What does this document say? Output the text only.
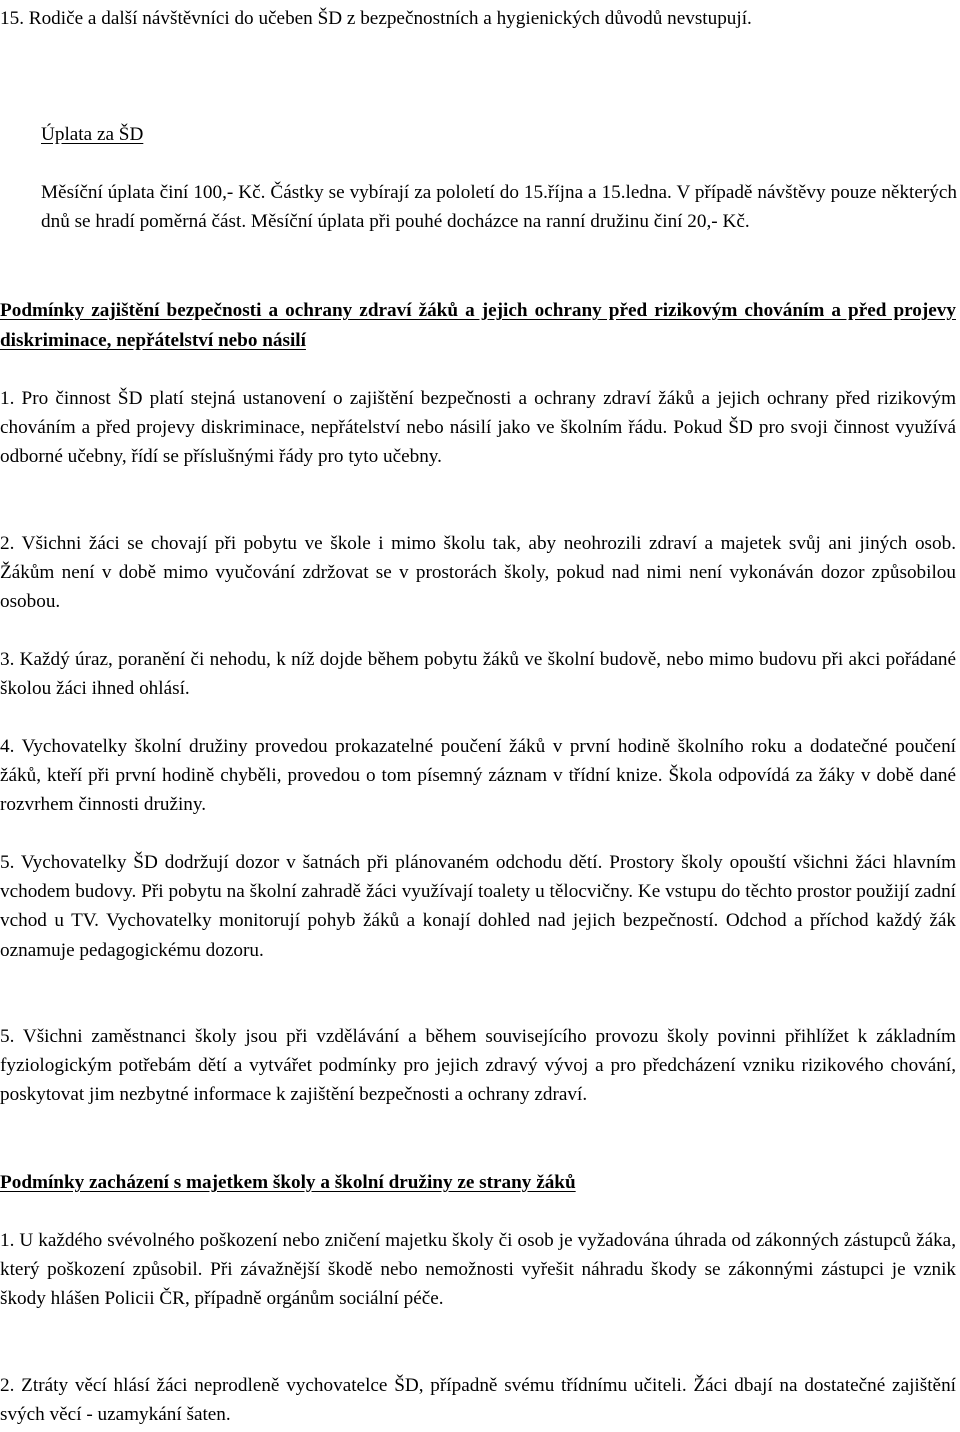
15. Rodiče a další návštěvníci do učeben ŠD z bezpečnostních a hygienických důvodů nevstupují.

Úplata za ŠD

Měsíční úplata činí 100,- Kč. Částky se vybírají za pololetí do 15.října a 15.ledna. V případě návštěvy pouze některých dnů se hradí poměrná část. Měsíční úplata při pouhé docházce na ranní družinu činí 20,- Kč.

Podmínky zajištění bezpečnosti a ochrany zdraví žáků a jejich ochrany před rizikovým chováním a před projevy diskriminace, nepřátelství nebo násilí

1. Pro činnost ŠD platí stejná ustanovení o zajištění bezpečnosti a ochrany zdraví žáků a jejich ochrany před rizikovým chováním a před projevy diskriminace, nepřátelství nebo násilí jako ve školním řádu. Pokud ŠD pro svoji činnost využívá odborné učebny, řídí se příslušnými řády pro tyto učebny.

2. Všichni žáci se chovají při pobytu ve škole i mimo školu tak, aby neohrozili zdraví a majetek svůj ani jiných osob. Žákům není v době mimo vyučování zdržovat se v prostorách školy, pokud nad nimi není vykonáván dozor způsobilou osobou.

3. Každý úraz, poranění či nehodu, k níž dojde během pobytu žáků ve školní budově, nebo mimo budovu při akci pořádané školou žáci ihned ohlásí.

4. Vychovatelky školní družiny provedou prokazatelné poučení žáků v první hodině školního roku a dodatečné poučení žáků, kteří při první hodině chyběli, provedou o tom písemný záznam v třídní knize. Škola odpovídá za žáky v době dané rozvrhem činnosti družiny.

5. Vychovatelky ŠD dodržují dozor v šatnách při plánovaném odchodu dětí. Prostory školy opouští všichni žáci hlavním vchodem budovy. Při pobytu na školní zahradě žáci využívají toalety u tělocvičny. Ke vstupu do těchto prostor použijí zadní vchod u TV. Vychovatelky monitorují pohyb žáků a konají dohled nad jejich bezpečností. Odchod a příchod každý žák oznamuje pedagogickému dozoru.

5. Všichni zaměstnanci školy jsou při vzdělávání a během souvisejícího provozu školy povinni přihlížet k základním fyziologickým potřebám dětí a vytvářet podmínky pro jejich zdravý vývoj a pro předcházení vzniku rizikového chování, poskytovat jim nezbytné informace k zajištění bezpečnosti a ochrany zdraví.

Podmínky zacházení s majetkem školy a školní družiny ze strany žáků

1. U každého svévolného poškození nebo zničení majetku školy či osob je vyžadována úhrada od zákonných zástupců žáka, který poškození způsobil. Při závažnější škodě nebo nemožnosti vyřešit náhradu škody se zákonnými zástupci je vznik škody hlášen Policii ČR, případně orgánům sociální péče.

2. Ztráty věcí hlásí žáci neprodleně vychovatelce ŠD, případně svému třídnímu učiteli. Žáci dbají na dostatečné zajištění svých věcí - uzamykání šaten.
